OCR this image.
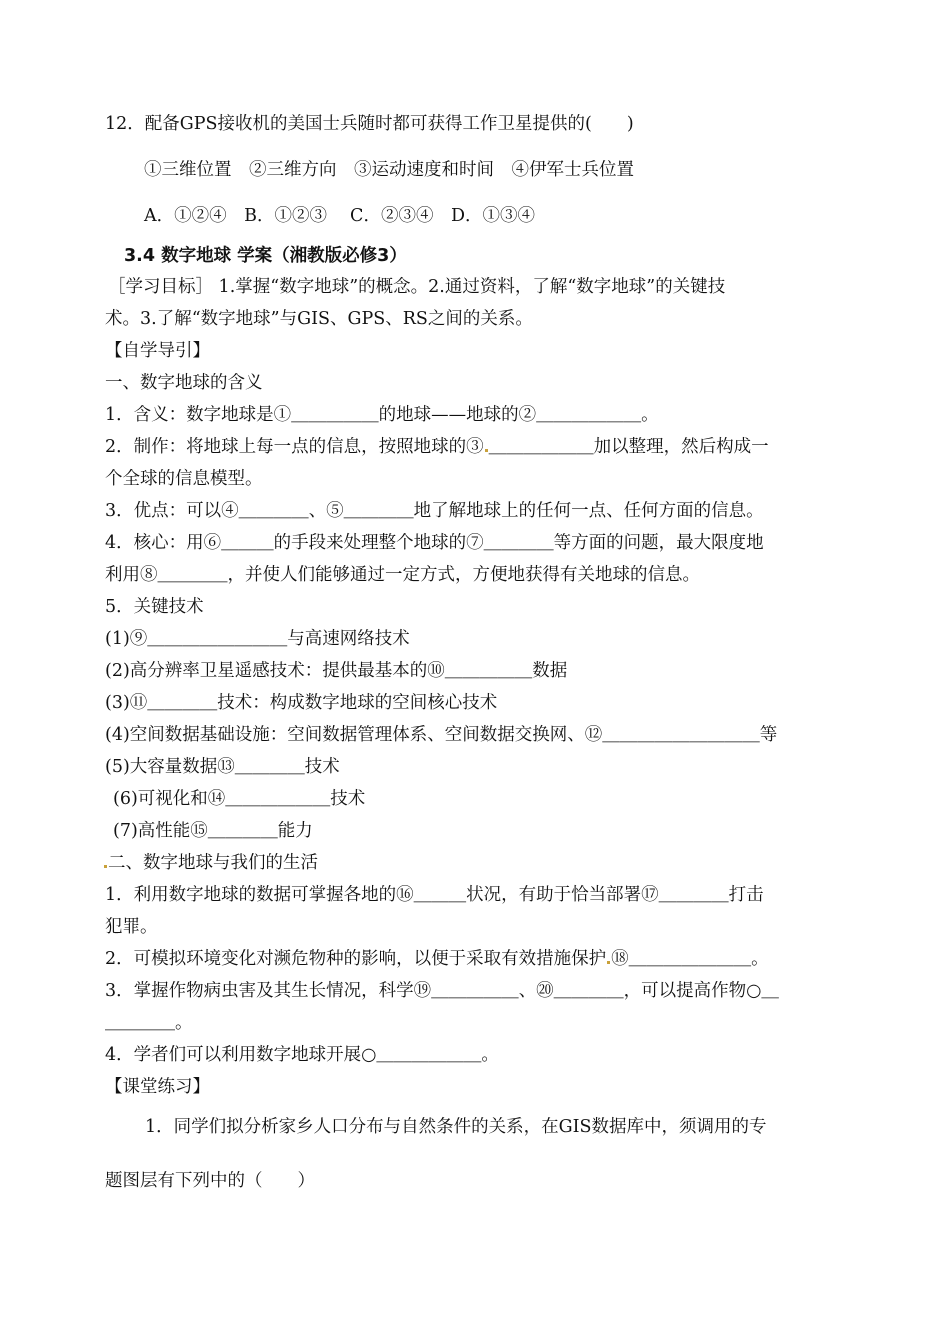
12．配备GPS接收机的美国士兵随时都可获得工作卫星提供的(　　)
①三维位置　②三维方向　③运动速度和时间　④伊军士兵位置
A．①②④　B．①②③　 C．②③④　D．①③④
3.4 数字地球 学案（湘教版必修3）
［学习目标］ 1.掌握“数字地球”的概念。2.通过资料，了解“数字地球”的关键技
术。3.了解“数字地球”与GIS、GPS、RS之间的关系。
【自学导引】
一、数字地球的含义
1．含义：数字地球是①＿＿＿＿＿的地球——地球的②＿＿＿＿＿＿。
2．制作：将地球上每一点的信息，按照地球的③ ＿＿＿＿＿＿加以整理，然后构成一
个全球的信息模型。
3．优点：可以④＿＿＿＿、⑤＿＿＿＿地了解地球上的任何一点、任何方面的信息。
4．核心：用⑥＿＿＿的手段来处理整个地球的⑦＿＿＿＿等方面的问题，最大限度地
利用⑧＿＿＿＿，并使人们能够通过一定方式，方便地获得有关地球的信息。
5．关键技术
(1)⑨＿＿＿＿＿＿＿＿与高速网络技术
(2)高分辨率卫星遥感技术：提供最基本的⑩＿＿＿＿＿数据
(3)⑪＿＿＿＿技术：构成数字地球的空间核心技术
(4)空间数据基础设施：空间数据管理体系、空间数据交换网、⑫＿＿＿＿＿＿＿＿＿等
(5)大容量数据⑬＿＿＿＿技术
(6)可视化和⑭＿＿＿＿＿＿技术
(7)高性能⑮＿＿＿＿能力
二、数字地球与我们的生活
1．利用数字地球的数据可掌握各地的⑯＿＿＿状况，有助于恰当部署⑰＿＿＿＿打击
犯罪。
2．可模拟环境变化对濒危物种的影响，以便于采取有效措施保护 ⑱＿＿＿＿＿＿＿。
3．掌握作物病虫害及其生长情况，科学⑲＿＿＿＿＿、⑳＿＿＿＿，可以提高作物○＿
＿＿＿＿。
4．学者们可以利用数字地球开展○＿＿＿＿＿＿。
【课堂练习】
1．同学们拟分析家乡人口分布与自然条件的关系，在GIS数据库中，须调用的专
题图层有下列中的（　　）
